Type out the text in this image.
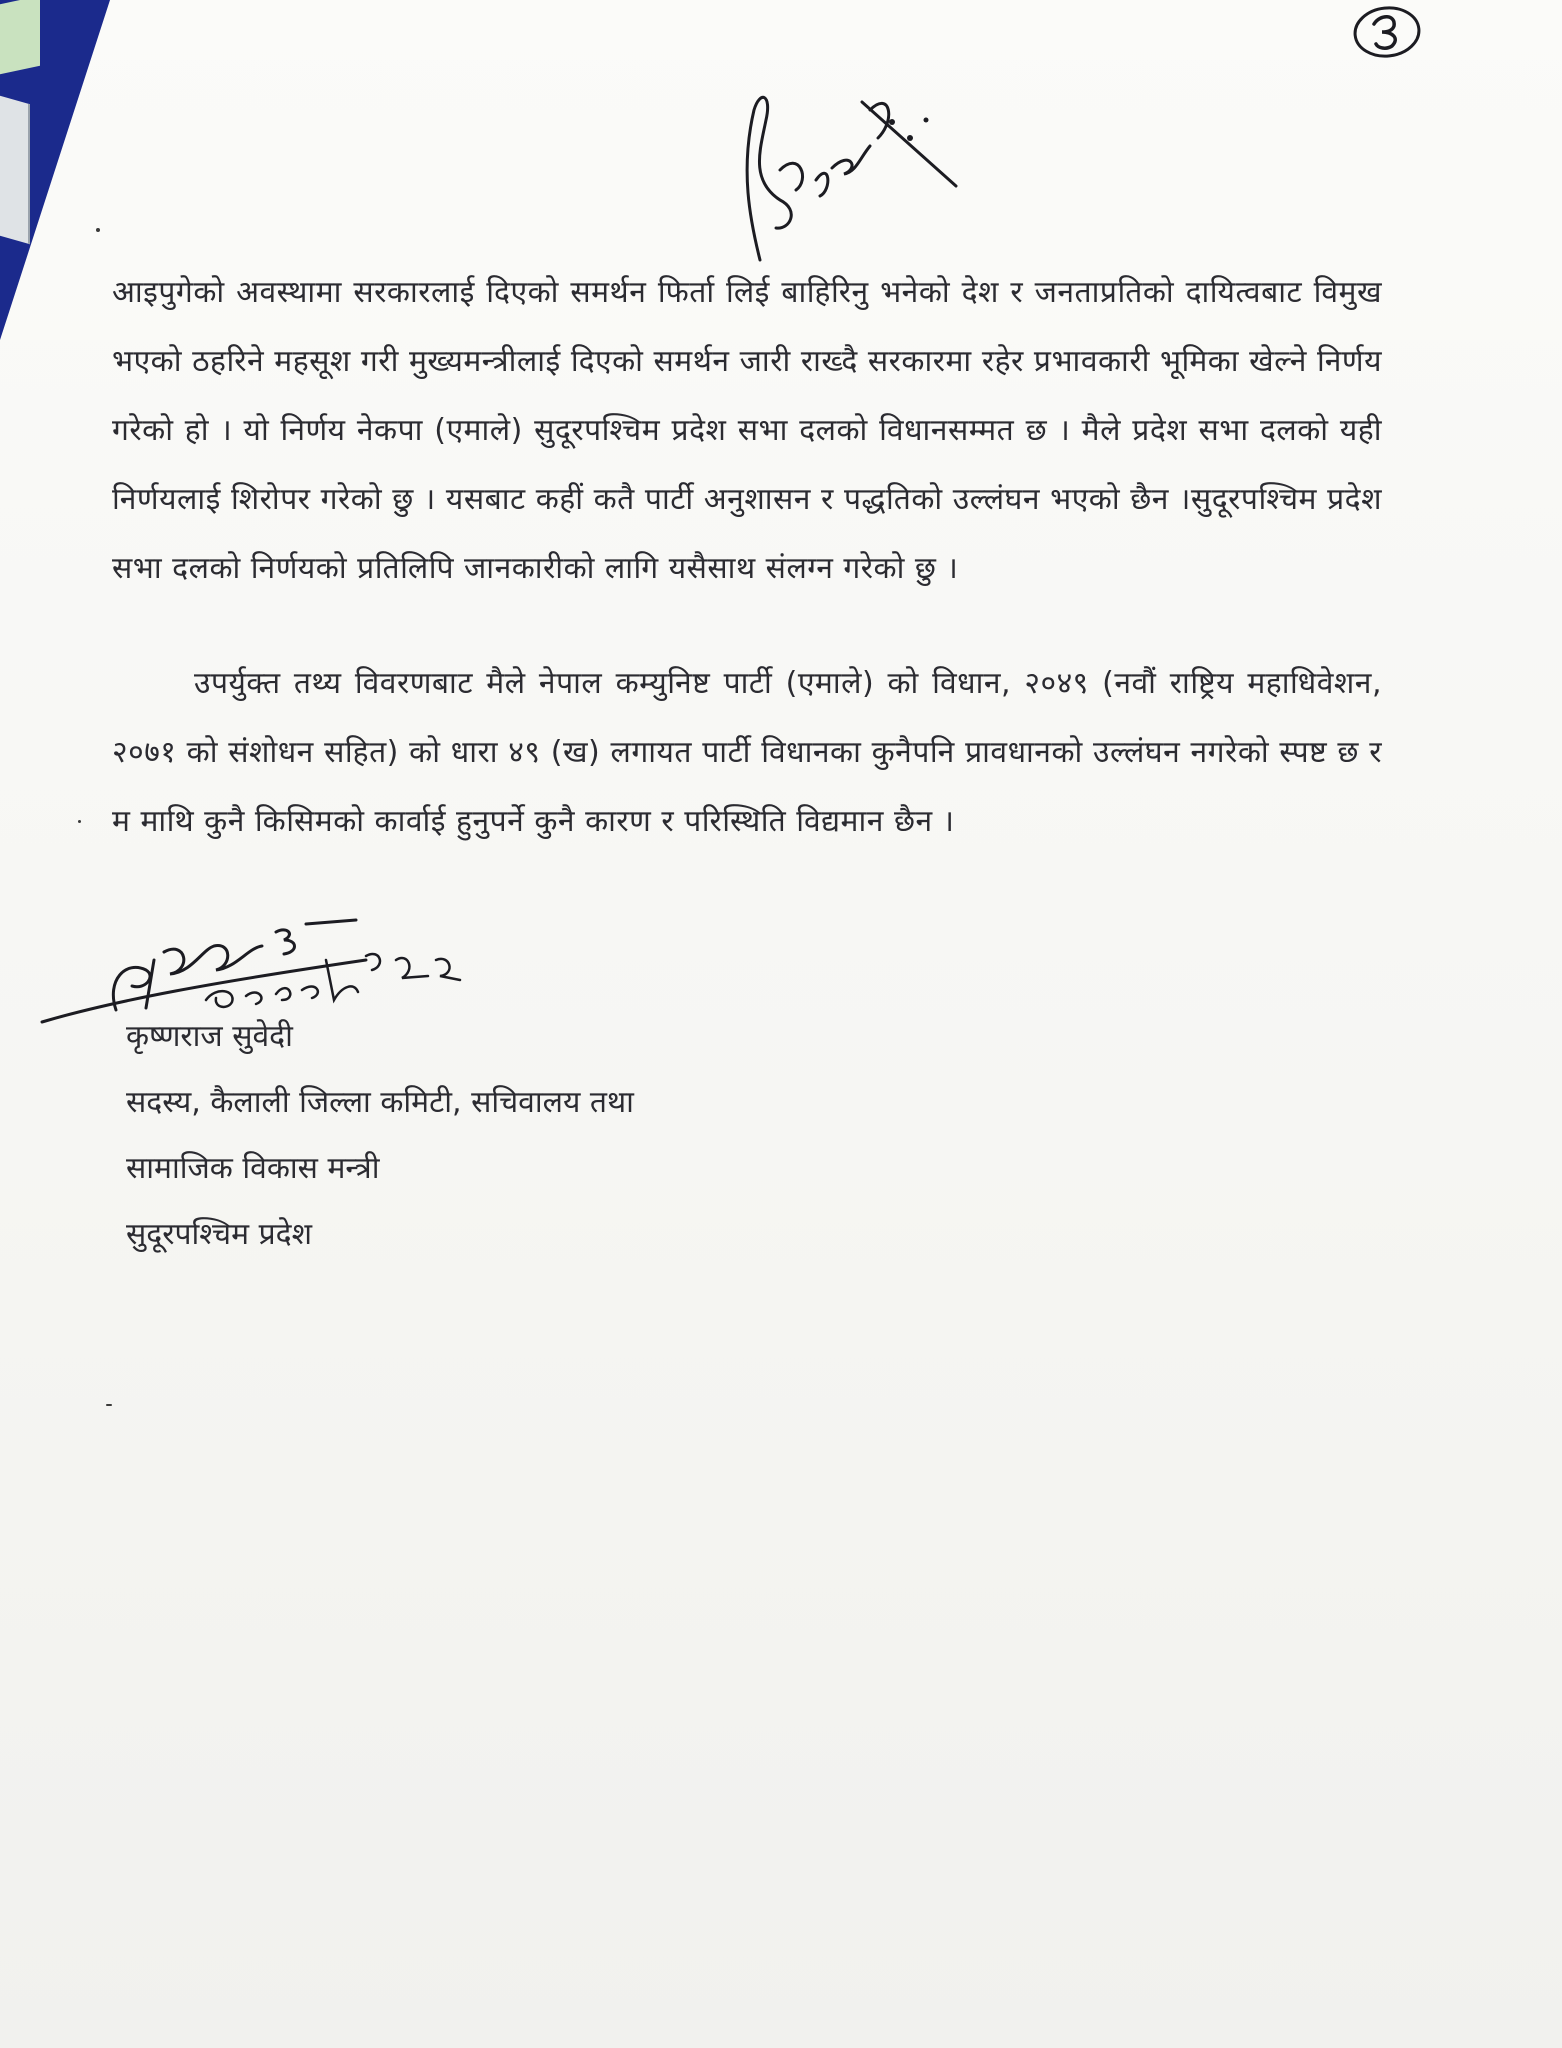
आइपुगेको अवस्थामा सरकारलाई दिएको समर्थन फिर्ता लिई बाहिरिनु भनेको देश र जनताप्रतिको दायित्वबाट विमुख भएको ठहरिने महसूश गरी मुख्यमन्त्रीलाई दिएको समर्थन जारी राख्दै सरकारमा रहेर प्रभावकारी भूमिका खेल्ने निर्णय गरेको हो । यो निर्णय नेकपा (एमाले) सुदूरपश्चिम प्रदेश सभा दलको विधानसम्मत छ । मैले प्रदेश सभा दलको यही निर्णयलाई शिरोपर गरेको छु । यसबाट कहीं कतै पार्टी अनुशासन र पद्धतिको उल्लंघन भएको छैन ।सुदूरपश्चिम प्रदेश सभा दलको निर्णयको प्रतिलिपि जानकारीको लागि यसैसाथ संलग्न गरेको छु ।

उपर्युक्त तथ्य विवरणबाट मैले नेपाल कम्युनिष्ट पार्टी (एमाले) को विधान, २०४९ (नवौं राष्ट्रिय महाधिवेशन, २०७१ को संशोधन सहित) को धारा ४९ (ख) लगायत पार्टी विधानका कुनैपनि प्रावधानको उल्लंघन नगरेको स्पष्ट छ र म माथि कुनै किसिमको कार्वाई हुनुपर्ने कुनै कारण र परिस्थिति विद्यमान छैन ।

२०७५/०२/१४
कृष्णराज सुवेदी
सदस्य, कैलाली जिल्ला कमिटी, सचिवालय तथा
सामाजिक विकास मन्त्री
सुदूरपश्चिम प्रदेश
